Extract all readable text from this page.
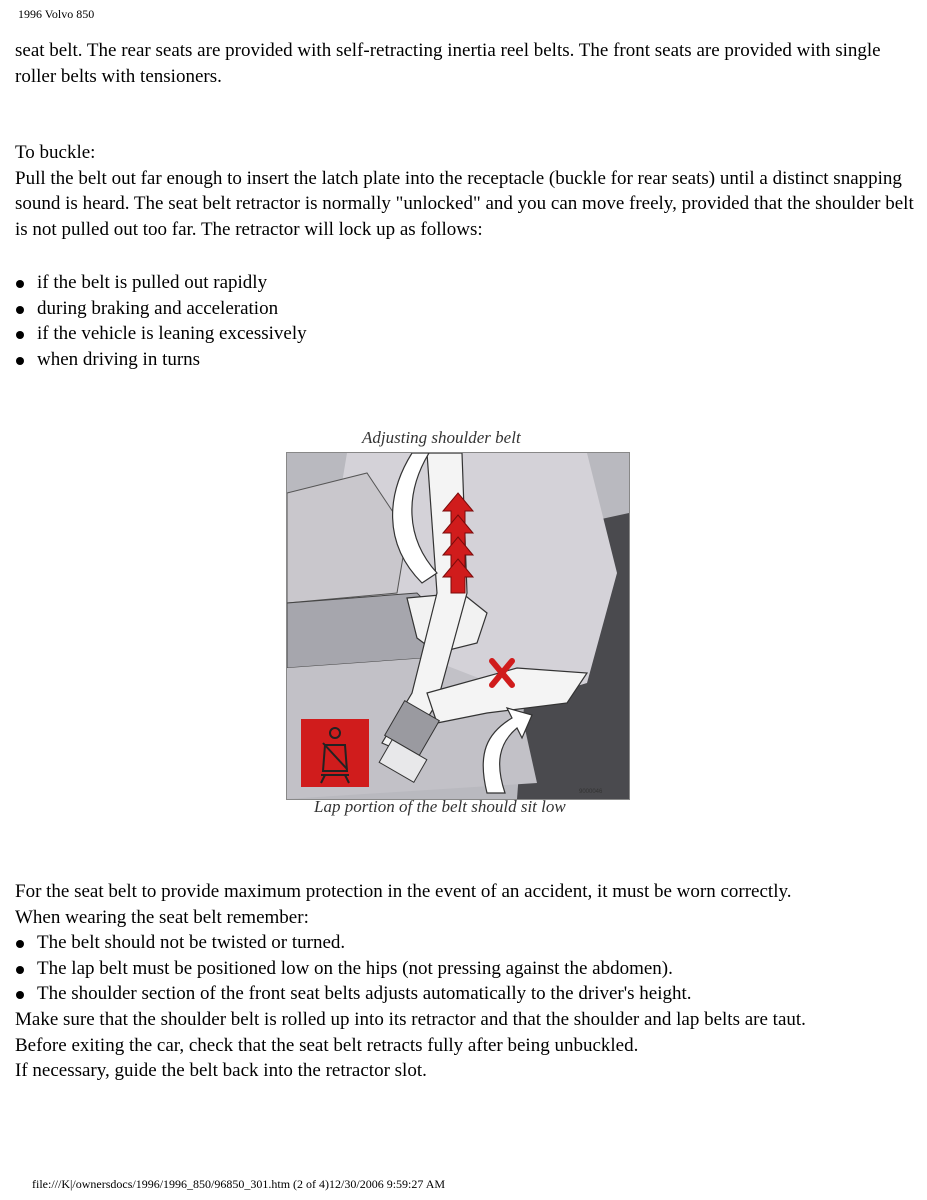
1996 Volvo 850

seat belt. The rear seats are provided with self-retracting inertia reel belts. The front seats are provided with single roller belts with tensioners.

To buckle:

Pull the belt out far enough to insert the latch plate into the receptacle (buckle for rear seats) until a distinct snapping sound is heard. The seat belt retractor is normally "unlocked" and you can move freely, provided that the shoulder belt is not pulled out too far. The retractor will lock up as follows:

if the belt is pulled out rapidly
during braking and acceleration
if the vehicle is leaning excessively
when driving in turns
Adjusting shoulder belt
9000046
Lap portion of the belt should sit low

For the seat belt to provide maximum protection in the event of an accident, it must be worn correctly.

When wearing the seat belt remember:

The belt should not be twisted or turned.
The lap belt must be positioned low on the hips (not pressing against the abdomen).
The shoulder section of the front seat belts adjusts automatically to the driver's height.

Make sure that the shoulder belt is rolled up into its retractor and that the shoulder and lap belts are taut.

Before exiting the car, check that the seat belt retracts fully after being unbuckled.

If necessary, guide the belt back into the retractor slot.

file:///K|/ownersdocs/1996/1996_850/96850_301.htm (2 of 4)12/30/2006 9:59:27 AM
